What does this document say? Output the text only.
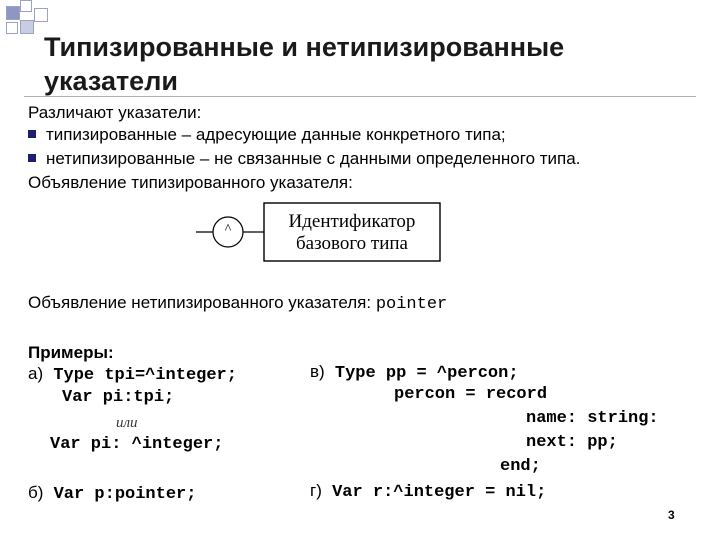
Типизированные и нетипизированные указатели
Различают указатели:
типизированные – адресующие данные конкретного типа;
нетипизированные – не связанные с данными определенного типа.
Объявление типизированного указателя:
^	Идентификатор
базового типа
Объявление нетипизированного указателя: pointer
Примеры:
а) Type tpi=^integer;
Var pi:tpi;
или
Var pi: ^integer;
б) Var p:pointer;
в) Type pp = ^percon;
percon = record
name: string:
next: pp;
end;
г) Var r:^integer = nil;
3
